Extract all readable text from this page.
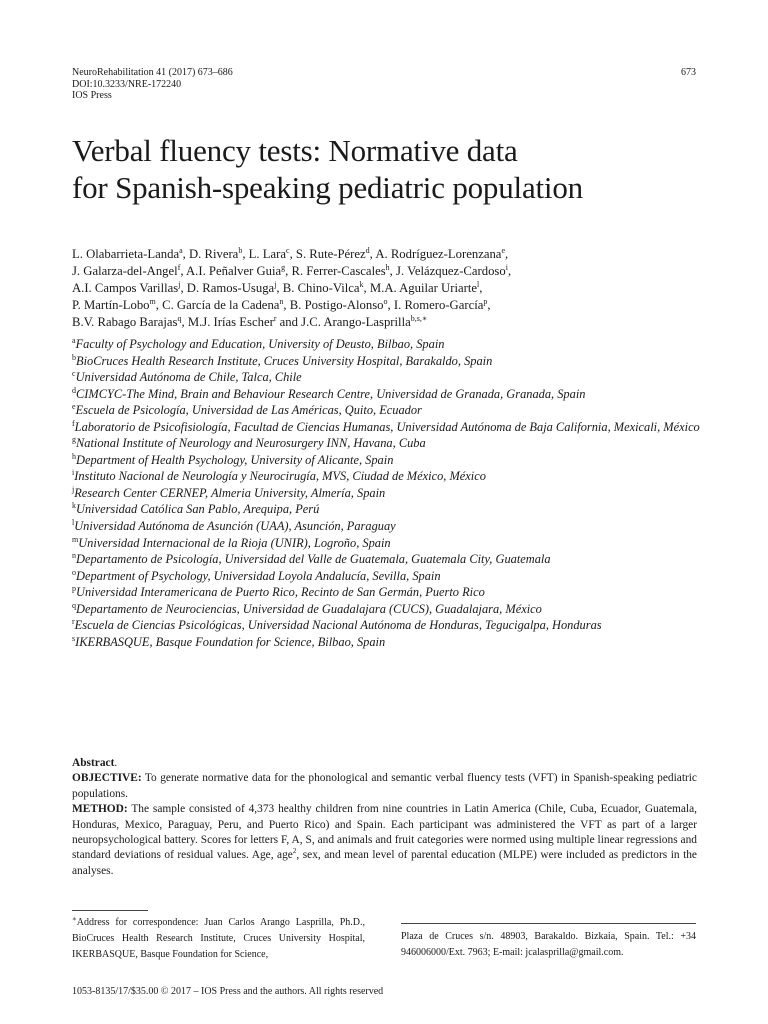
NeuroRehabilitation 41 (2017) 673–686
DOI:10.3233/NRE-172240
IOS Press
673
Verbal fluency tests: Normative data
for Spanish-speaking pediatric population
L. Olabarrieta-Landa$^a$, D. Rivera$^b$, L. Lara$^c$, S. Rute-Pérez$^d$, A. Rodríguez-Lorenzana$^e$,
J. Galarza-del-Angel$^f$, A.I. Peñalver Guia$^g$, R. Ferrer-Cascales$^h$, J. Velázquez-Cardoso$^i$,
A.I. Campos Varillas$^j$, D. Ramos-Usuga$^j$, B. Chino-Vilca$^k$, M.A. Aguilar Uriarte$^l$,
P. Martín-Lobo$^m$, C. García de la Cadena$^n$, B. Postigo-Alonso$^o$, I. Romero-García$^p$,
B.V. Rabago Barajas$^q$, M.J. Irías Escher$^r$ and J.C. Arango-Lasprilla$^{b,s,∗}$
$^a$Faculty of Psychology and Education, University of Deusto, Bilbao, Spain
$^b$BioCruces Health Research Institute, Cruces University Hospital, Barakaldo, Spain
$^c$Universidad Autónoma de Chile, Talca, Chile
$^d$CIMCYC-The Mind, Brain and Behaviour Research Centre, Universidad de Granada, Granada, Spain
$^e$Escuela de Psicología, Universidad de Las Américas, Quito, Ecuador
$^f$Laboratorio de Psicofisiología, Facultad de Ciencias Humanas, Universidad Autónoma de Baja California, Mexicali, México
$^g$National Institute of Neurology and Neurosurgery INN, Havana, Cuba
$^h$Department of Health Psychology, University of Alicante, Spain
$^i$Instituto Nacional de Neurología y Neurocirugía, MVS, Ciudad de México, México
$^j$Research Center CERNEP, Almeria University, Almería, Spain
$^k$Universidad Católica San Pablo, Arequipa, Perú
$^l$Universidad Autónoma de Asunción (UAA), Asunción, Paraguay
$^m$Universidad Internacional de la Rioja (UNIR), Logroño, Spain
$^n$Departamento de Psicología, Universidad del Valle de Guatemala, Guatemala City, Guatemala
$^o$Department of Psychology, Universidad Loyola Andalucía, Sevilla, Spain
$^p$Universidad Interamericana de Puerto Rico, Recinto de San Germán, Puerto Rico
$^q$Departamento de Neurociencias, Universidad de Guadalajara (CUCS), Guadalajara, México
$^r$Escuela de Ciencias Psicológicas, Universidad Nacional Autónoma de Honduras, Tegucigalpa, Honduras
$^s$IKERBASQUE, Basque Foundation for Science, Bilbao, Spain

Abstract.

OBJECTIVE: To generate normative data for the phonological and semantic verbal fluency tests (VFT) in Spanish-speaking pediatric populations.

METHOD: The sample consisted of 4,373 healthy children from nine countries in Latin America (Chile, Cuba, Ecuador, Guatemala, Honduras, Mexico, Paraguay, Peru, and Puerto Rico) and Spain. Each participant was administered the VFT as part of a larger neuropsychological battery. Scores for letters F, A, S, and animals and fruit categories were normed using multiple linear regressions and standard deviations of residual values. Age, age$^2$, sex, and mean level of parental education (MLPE) were included as predictors in the analyses.

∗Address for correspondence: Juan Carlos Arango Lasprilla, Ph.D., BioCruces Health Research Institute, Cruces University Hospital, IKERBASQUE, Basque Foundation for Science,
Plaza de Cruces s/n. 48903, Barakaldo. Bizkaia, Spain. Tel.: +34 946006000/Ext. 7963; E-mail: jcalasprilla@gmail.com.
1053-8135/17/$35.00 © 2017 – IOS Press and the authors. All rights reserved
